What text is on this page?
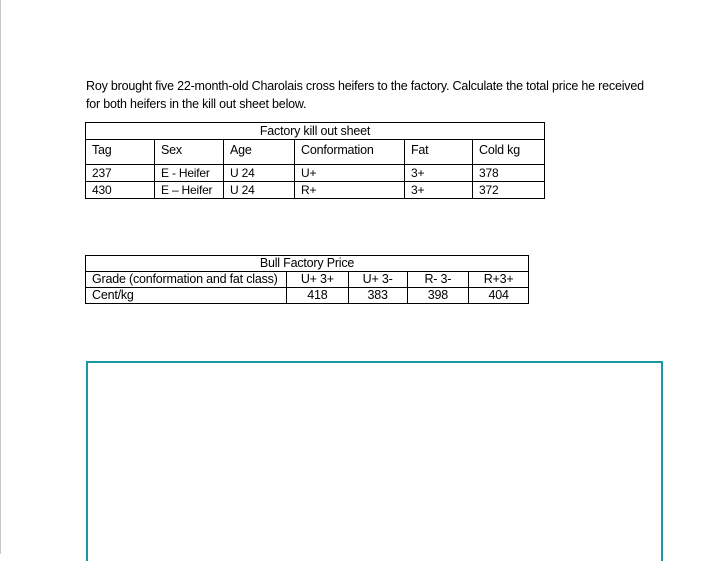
Roy brought five 22-month-old Charolais cross heifers to the factory. Calculate the total price he received for both heifers in the kill out sheet below.

Factory kill out sheet					
Tag	Sex	Age	Conformation	Fat	Cold kg
237	E - Heifer	U 24	U+	3+	378
430	E – Heifer	U 24	R+	3+	372
Bull Factory Price				
Grade (conformation and fat class)	U+ 3+	U+ 3-	R- 3-	R+3+
Cent/kg	418	383	398	404
